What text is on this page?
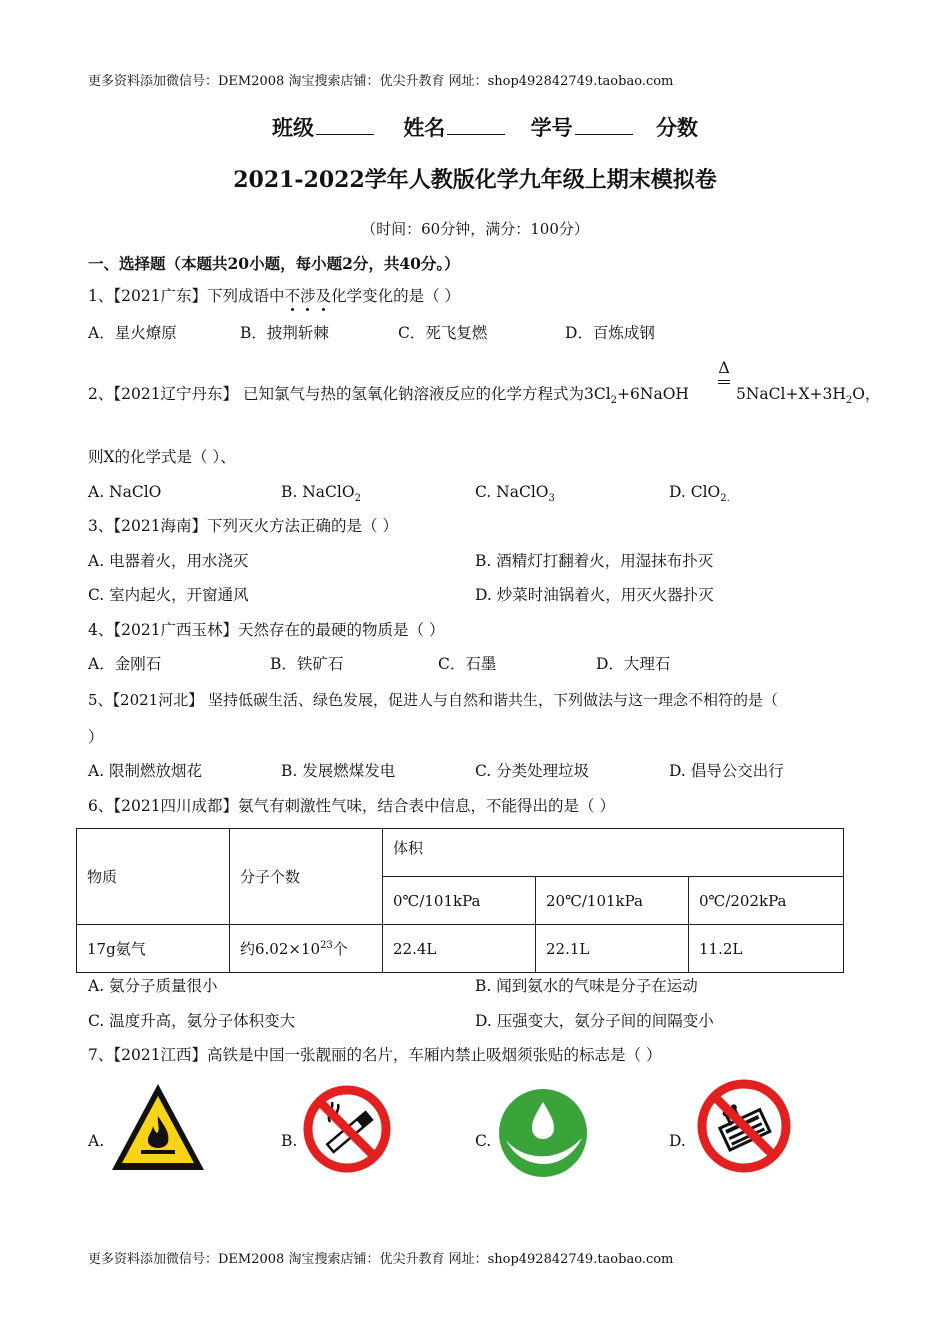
更多资料添加微信号：DEM2008 淘宝搜索店铺：优尖升教育 网址：shop492842749.taobao.com
班级	姓名	学号	分数
2021-2022学年人教版化学九年级上期末模拟卷
（时间：60分钟，满分：100分）
一、选择题（本题共20小题，每小题2分，共40分。）
1、【2021广东】下列成语中不涉及化学变化的是（ ）
A．星火燎原	B．披荆斩棘	C．死飞复燃	D．百炼成钢
2、【2021辽宁丹东】 已知氯气与热的氢氧化钠溶液反应的化学方程式为$3Cl_2+6NaOH$
Δ
$5NaCl+X+3H_2O$，
则X的化学式是（ ）、
A. NaClO	B. NaClO$_2$	C. NaClO$_3$	D. ClO$_{2.}$
3、【2021海南】下列灭火方法正确的是（ ）
A. 电器着火，用水浇灭	B. 酒精灯打翻着火，用湿抹布扑灭
C. 室内起火，开窗通风	D. 炒菜时油锅着火，用灭火器扑灭
4、【2021广西玉林】天然存在的最硬的物质是（ ）
A．金刚石	B．铁矿石	C．石墨	D．大理石
5、【2021河北】 坚持低碳生活、绿色发展，促进人与自然和谐共生，下列做法与这一理念不相符的是（
）
A. 限制燃放烟花	B. 发展燃煤发电	C. 分类处理垃圾	D. 倡导公交出行
6、【2021四川成都】氨气有刺激性气味，结合表中信息，不能得出的是（ ）
物质	分子个数	体积		
		0℃/101kPa	20℃/101kPa	0℃/202kPa
17g氨气	约$6.02\times 10^{23}$个	22.4L	22.1L	11.2L
A. 氨分子质量很小	B. 闻到氨水的气味是分子在运动
C. 温度升高，氨分子体积变大	D. 压强变大，氨分子间的间隔变小
7、【2021江西】高铁是中国一张靓丽的名片，车厢内禁止吸烟须张贴的标志是（ ）
A.	B.	C.	D.
更多资料添加微信号：DEM2008 淘宝搜索店铺：优尖升教育 网址：shop492842749.taobao.com
